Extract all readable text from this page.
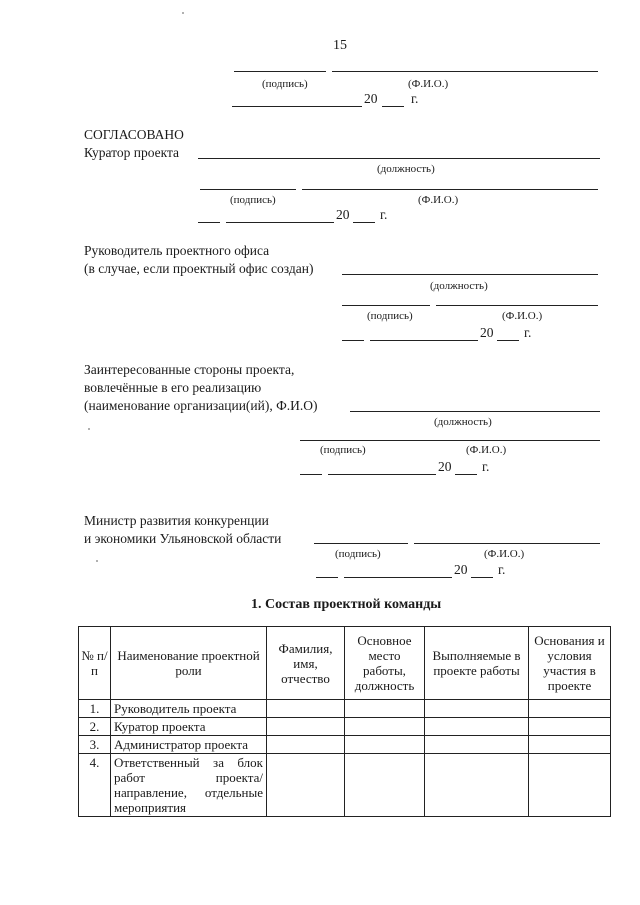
15
(подпись)	(Ф.И.О.)
20 г.
СОГЛАСОВАНО
Куратор проекта
(должность)
(подпись)	(Ф.И.О.)
20 г.
Руководитель проектного офиса
(в случае, если проектный офис создан)
(должность)
(подпись)	(Ф.И.О.)
20 г.
Заинтересованные стороны проекта,
вовлечённые в его реализацию
(наименование организации(ий), Ф.И.О)
(должность)
(подпись)	(Ф.И.О.)
20 г.
Министр развития конкуренции
и экономики Ульяновской области
(подпись)	(Ф.И.О.)
20 г.
1. Состав проектной команды
№ п/п	Наименование проектной роли	Фамилия, имя, отчество	Основное место работы, должность	Выполняемые в проекте работы	Основания и условия участия в проекте
1.	Руководитель проекта				
2.	Куратор проекта				
3.	Администратор проекта				
4.	Ответственный за блок работ проекта/направление, отдельные мероприятия				
